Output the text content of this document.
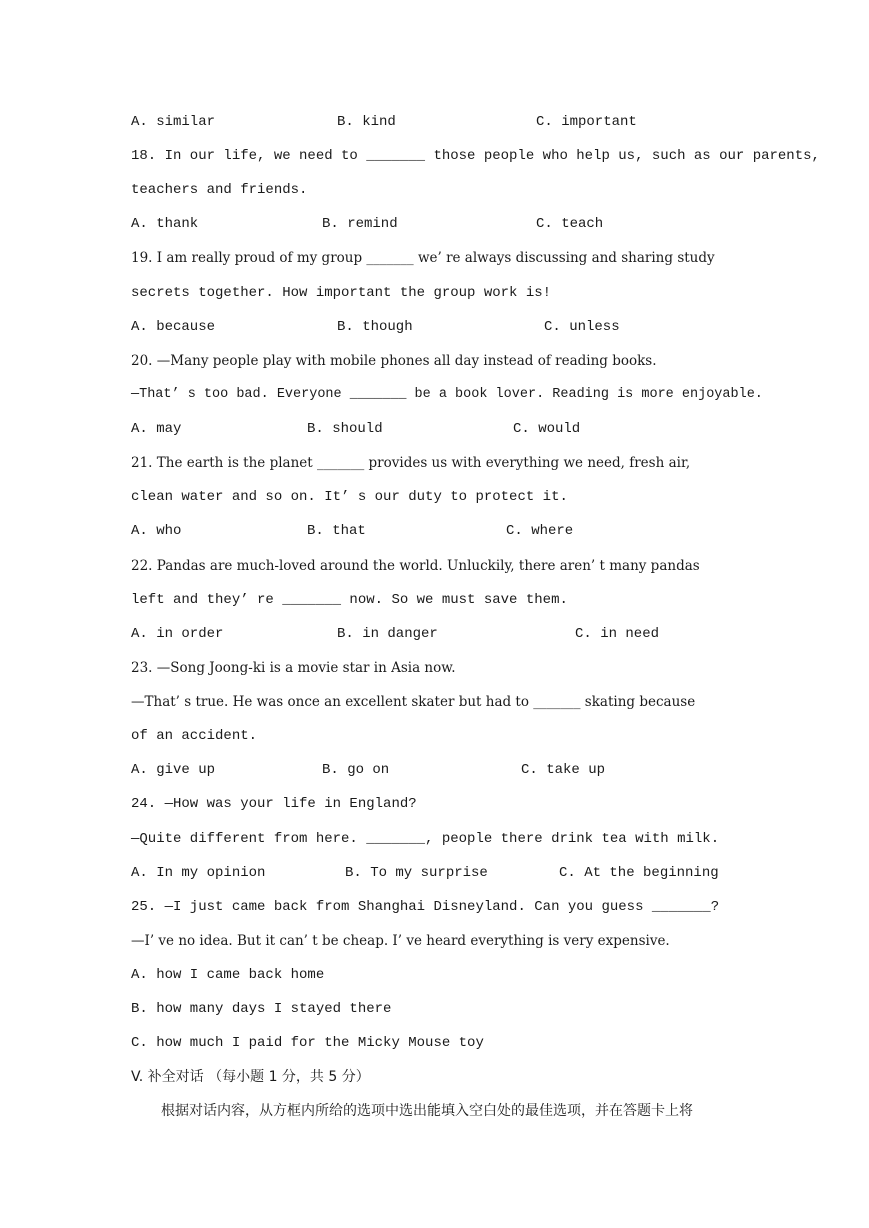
A. similar	B. kind	C. important
18. In our life, we need to _______ those people who help us, such as our parents,
teachers and friends.
A. thank	B. remind	C. teach
19. I am really proud of my group _______ we’ re always discussing and sharing study
secrets together. How important the group work is!
A. because	B. though	C. unless
20. —Many people play with mobile phones all day instead of reading books.
—That’ s too bad. Everyone _______ be a book lover. Reading is more enjoyable.
A. may	B. should	C. would
21. The earth is the planet _______ provides us with everything we need, fresh air,
clean water and so on. It’ s our duty to protect it.
A. who	B. that	C. where
22. Pandas are much-loved around the world. Unluckily, there aren’ t many pandas
left and they’ re _______ now. So we must save them.
A. in order	B. in danger	C. in need
23. —Song Joong-ki is a movie star in Asia now.
—That’ s true. He was once an excellent skater but had to _______ skating because
of an accident.
A. give up	B. go on	C. take up
24. —How was your life in England?
—Quite different from here. _______, people there drink tea with milk.
A. In my opinion	B. To my surprise	C. At the beginning
25. —I just came back from Shanghai Disneyland. Can you guess _______?
—I’ ve no idea. But it can’ t be cheap. I’ ve heard everything is very expensive.
A. how I came back home
B. how many days I stayed there
C. how much I paid for the Micky Mouse toy
V. 补全对话 （每小题 1 分，共 5 分）
根据对话内容，从方框内所给的选项中选出能填入空白处的最佳选项，并在答题卡上将
